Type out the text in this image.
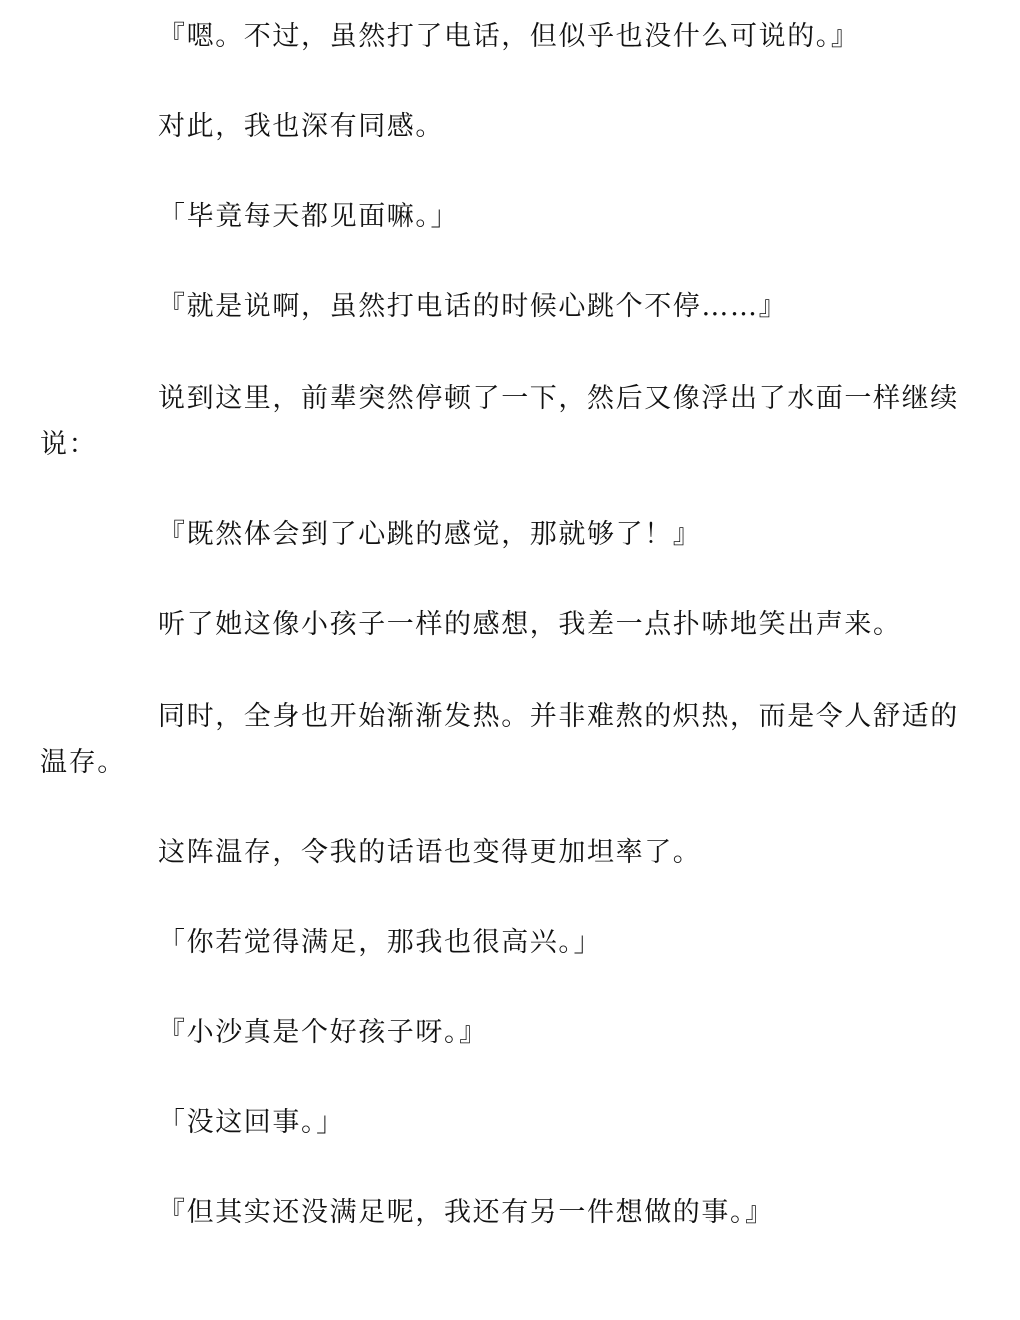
『嗯。不过，虽然打了电话，但似乎也没什么可说的。』

对此，我也深有同感。

「毕竟每天都见面嘛。」

『就是说啊，虽然打电话的时候心跳个不停……』

说到这里，前辈突然停顿了一下，然后又像浮出了水面一样继续说：

『既然体会到了心跳的感觉，那就够了！』

听了她这像小孩子一样的感想，我差一点扑哧地笑出声来。

同时，全身也开始渐渐发热。并非难熬的炽热，而是令人舒适的温存。

这阵温存，令我的话语也变得更加坦率了。

「你若觉得满足，那我也很高兴。」

『小沙真是个好孩子呀。』

「没这回事。」

『但其实还没满足呢，我还有另一件想做的事。』
